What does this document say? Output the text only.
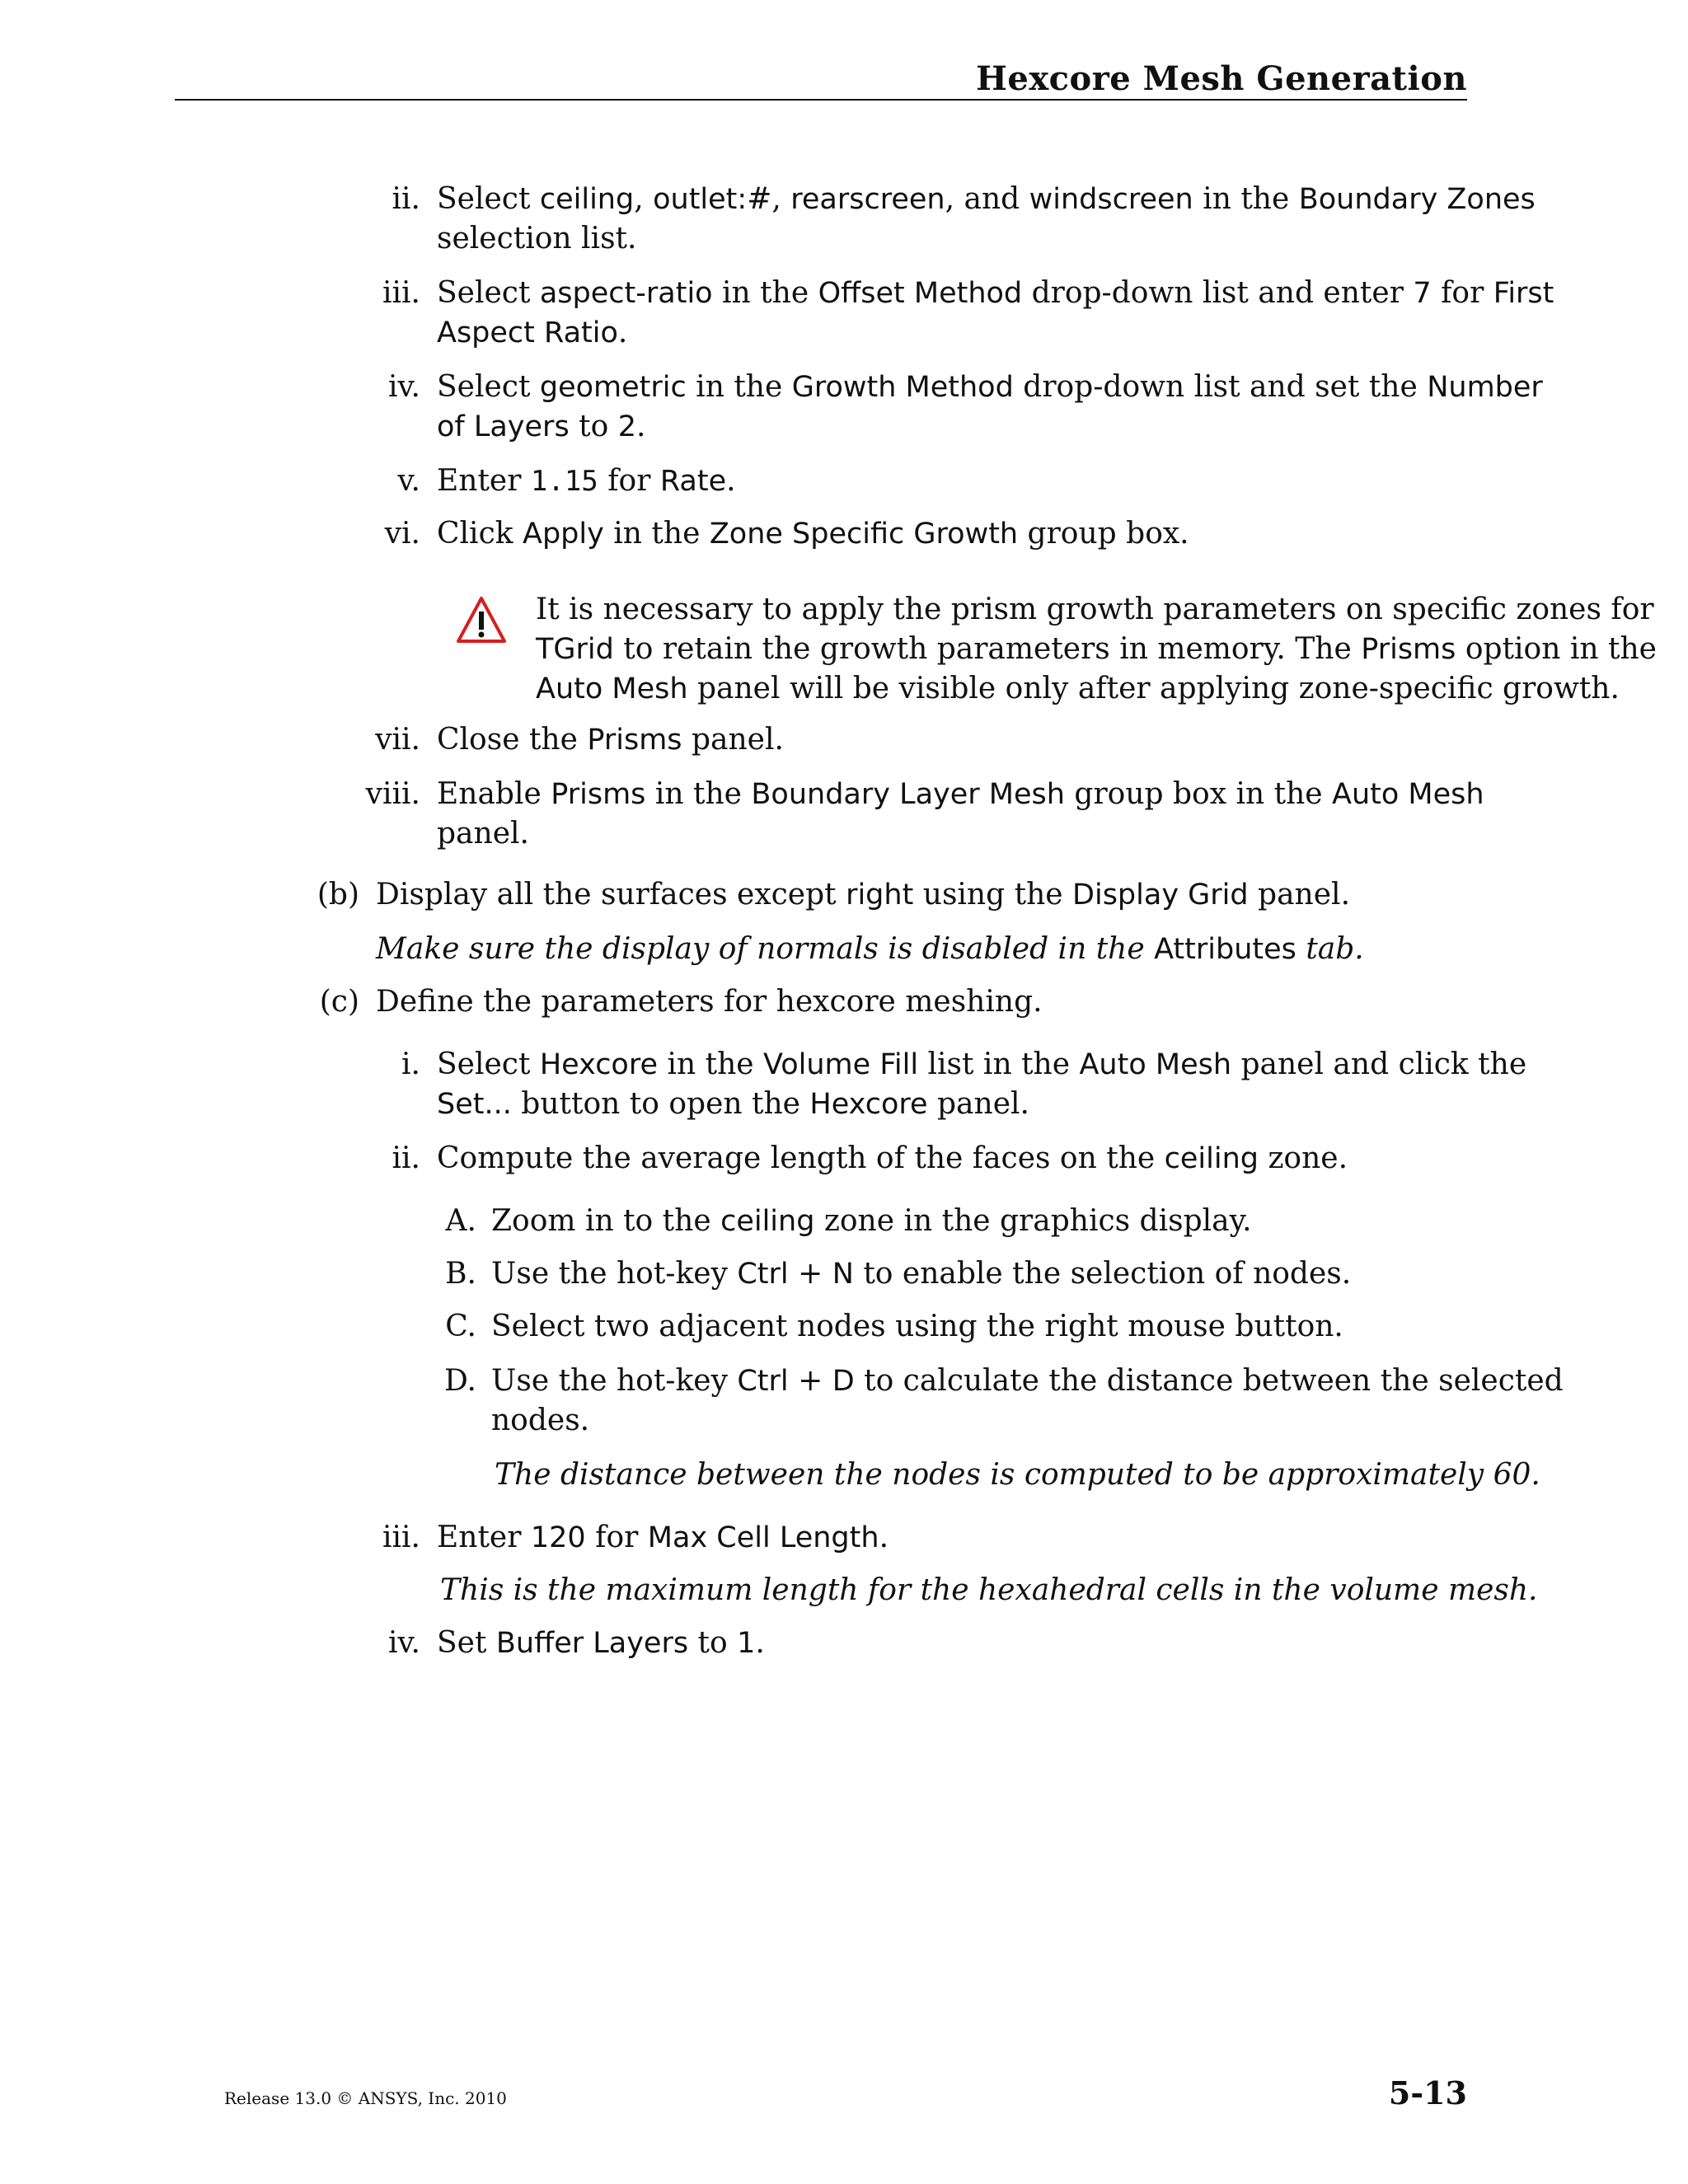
Hexcore Mesh Generation
ii. Select ceiling, outlet:#, rearscreen, and windscreen in the Boundary Zones
selection list.
iii. Select aspect-ratio in the Offset Method drop-down list and enter 7 for First
Aspect Ratio.
iv. Select geometric in the Growth Method drop-down list and set the Number
of Layers to 2.
v. Enter 1.15 for Rate.
vi. Click Apply in the Zone Specific Growth group box.
It is necessary to apply the prism growth parameters on specific zones for
TGrid to retain the growth parameters in memory. The Prisms option in the
Auto Mesh panel will be visible only after applying zone-specific growth.
vii. Close the Prisms panel.
viii. Enable Prisms in the Boundary Layer Mesh group box in the Auto Mesh
panel.
(b) Display all the surfaces except right using the Display Grid panel.
Make sure the display of normals is disabled in the Attributes tab.
(c) Define the parameters for hexcore meshing.
i. Select Hexcore in the Volume Fill list in the Auto Mesh panel and click the
Set... button to open the Hexcore panel.
ii. Compute the average length of the faces on the ceiling zone.
A. Zoom in to the ceiling zone in the graphics display.
B. Use the hot-key Ctrl + N to enable the selection of nodes.
C. Select two adjacent nodes using the right mouse button.
D. Use the hot-key Ctrl + D to calculate the distance between the selected
nodes.
The distance between the nodes is computed to be approximately 60.
iii. Enter 120 for Max Cell Length.
This is the maximum length for the hexahedral cells in the volume mesh.
iv. Set Buffer Layers to 1.
Release 13.0 © ANSYS, Inc. 2010	5-13
